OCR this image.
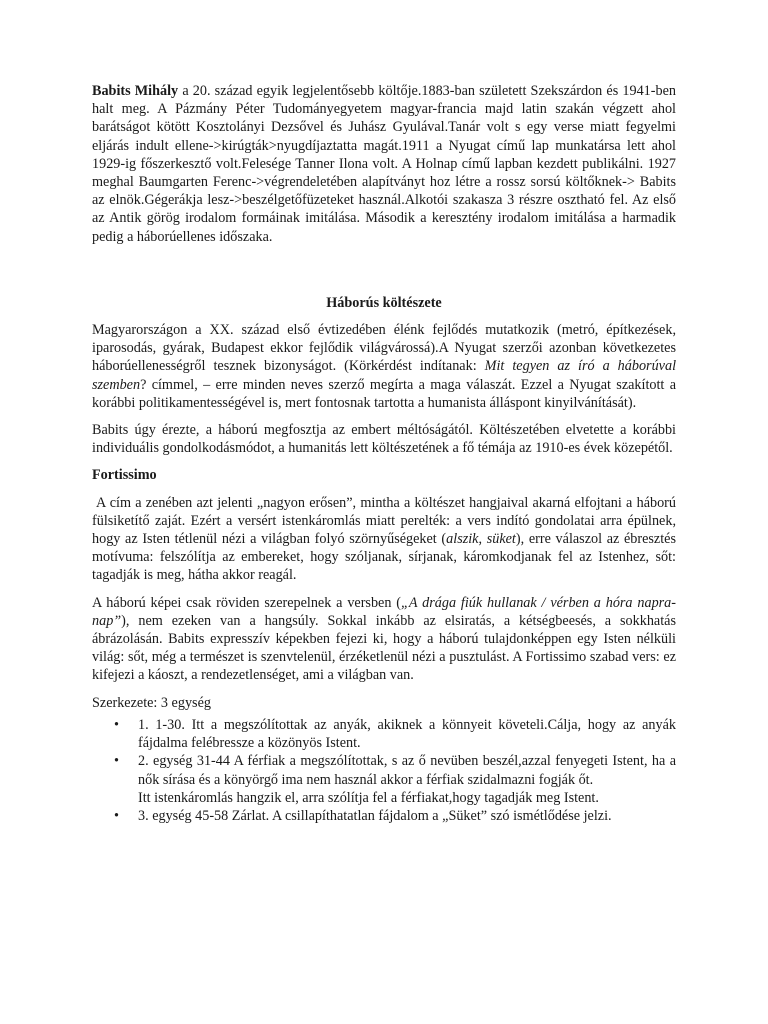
Babits Mihály a 20. század egyik legjelentősebb költője.1883-ban született Szekszárdon és 1941-ben halt meg. A Pázmány Péter Tudományegyetem magyar-francia majd latin szakán végzett ahol barátságot kötött Kosztolányi Dezsővel és Juhász Gyulával.Tanár volt s egy verse miatt fegyelmi eljárás indult ellene->kirúgták>nyugdíjaztatta magát.1911 a Nyugat című lap munkatársa lett ahol 1929-ig főszerkesztő volt.Felesége Tanner Ilona volt. A Holnap című lapban kezdett publikálni. 1927 meghal Baumgarten Ferenc->végrendeletében alapítványt hoz létre a rossz sorsú költőknek-> Babits az elnök.Gégerákja lesz->beszélgetőfüzeteket használ.Alkotói szakasza 3 részre osztható fel. Az első az Antik görög irodalom formáinak imitálása. Második a keresztény irodalom imitálása a harmadik pedig a háborúellenes időszaka.

Háborús költészete

Magyarországon a XX. század első évtizedében élénk fejlődés mutatkozik (metró, építkezések, iparosodás, gyárak, Budapest ekkor fejlődik világvárossá).A Nyugat szerzői azonban következetes háborúellenességről tesznek bizonyságot. (Körkérdést indítanak: Mit tegyen az író a háborúval szemben? címmel, – erre minden neves szerző megírta a maga válaszát. Ezzel a Nyugat szakított a korábbi politikamentességével is, mert fontosnak tartotta a humanista álláspont kinyilvánítását).

Babits úgy érezte, a háború megfosztja az embert méltóságától. Költészetében elvetette a korábbi individuális gondolkodásmódot, a humanitás lett költészetének a fő témája az 1910-es évek közepétől.

Fortissimo

A cím a zenében azt jelenti „nagyon erősen”, mintha a költészet hangjaival akarná elfojtani a háború fülsiketítő zaját. Ezért a versért istenkáromlás miatt perelték: a vers indító gondolatai arra épülnek, hogy az Isten tétlenül nézi a világban folyó szörnyűségeket (alszik, süket), erre válaszol az ébresztés motívuma: felszólítja az embereket, hogy szóljanak, sírjanak, káromkodjanak fel az Istenhez, sőt: tagadják is meg, hátha akkor reagál.

A háború képei csak röviden szerepelnek a versben („A drága fiúk hullanak / vérben a hóra napra-nap”), nem ezeken van a hangsúly. Sokkal inkább az elsiratás, a kétségbeesés, a sokkhatás ábrázolásán. Babits expresszív képekben fejezi ki, hogy a háború tulajdonképpen egy Isten nélküli világ: sőt, még a természet is szenvtelenül, érzéketlenül nézi a pusztulást. A Fortissimo szabad vers: ez kifejezi a káoszt, a rendezetlenséget, ami a világban van.

Szerkezete: 3 egység

• 1. 1-30. Itt a megszólítottak az anyák, akiknek a könnyeit követeli.Cálja, hogy az anyák fájdalma felébressze a közönyös Istent.
• 2. egység 31-44 A férfiak a megszólítottak, s az ő nevüben beszél,azzal fenyegeti Istent, ha a nők sírása és a könyörgő ima nem használ akkor a férfiak szidalmazni fogják őt.
Itt istenkáromlás hangzik el, arra szólítja fel a férfiakat,hogy tagadják meg Istent.
• 3. egység 45-58 Zárlat. A csillapíthatatlan fájdalom a „Süket” szó ismétlődése jelzi.
